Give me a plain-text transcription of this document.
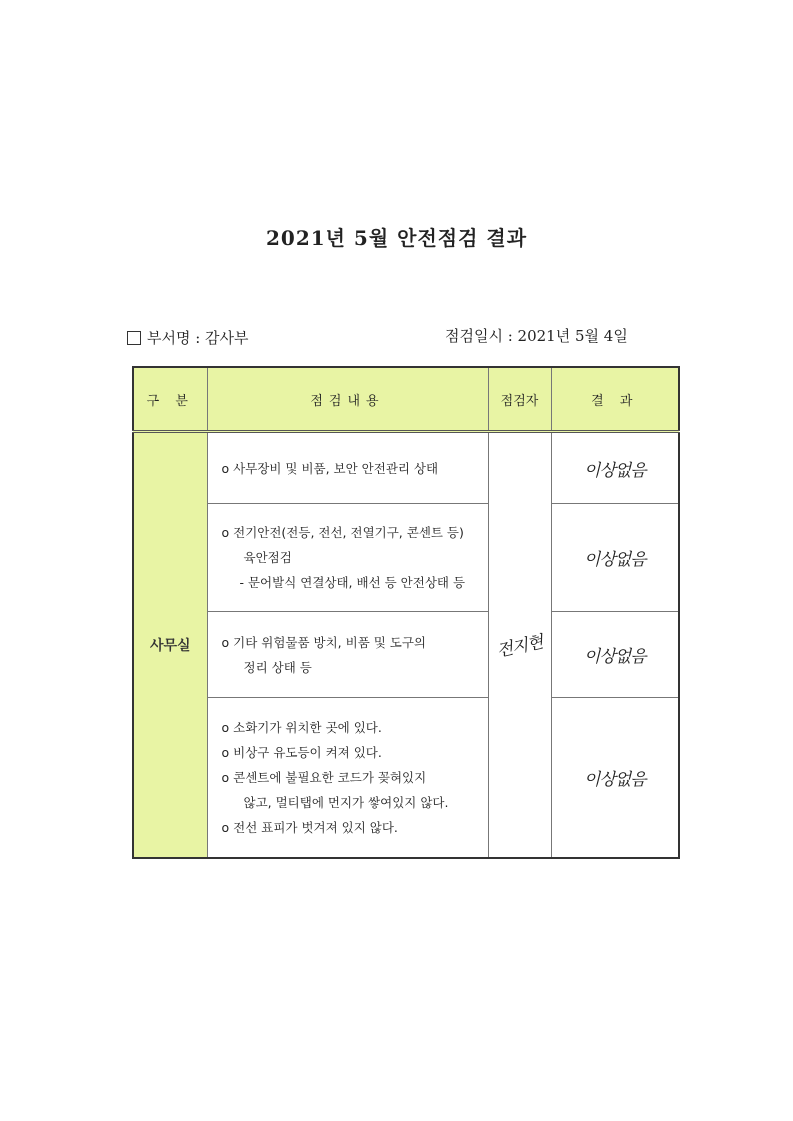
2021년 5월 안전점검 결과
부서명 : 감사부	점검일시 : 2021년 5월 4일
구 분	점검내용	점검자	결 과
사무실	o 사무장비 및 비품, 보안 안전관리 상태	전지현	이상없음

	o 전기안전(전등, 전선, 전열기구, 콘센트 등)
육안점검
- 문어발식 연결상태, 배선 등 안전상태 등		이상없음

	o 기타 위험물품 방치, 비품 및 도구의
정리 상태 등		이상없음

	o 소화기가 위치한 곳에 있다.
o 비상구 유도등이 켜져 있다.
o 콘센트에 불필요한 코드가 꽂혀있지
않고, 멀티탭에 먼지가 쌓여있지 않다.
o 전선 표피가 벗겨져 있지 않다.		이상없음
